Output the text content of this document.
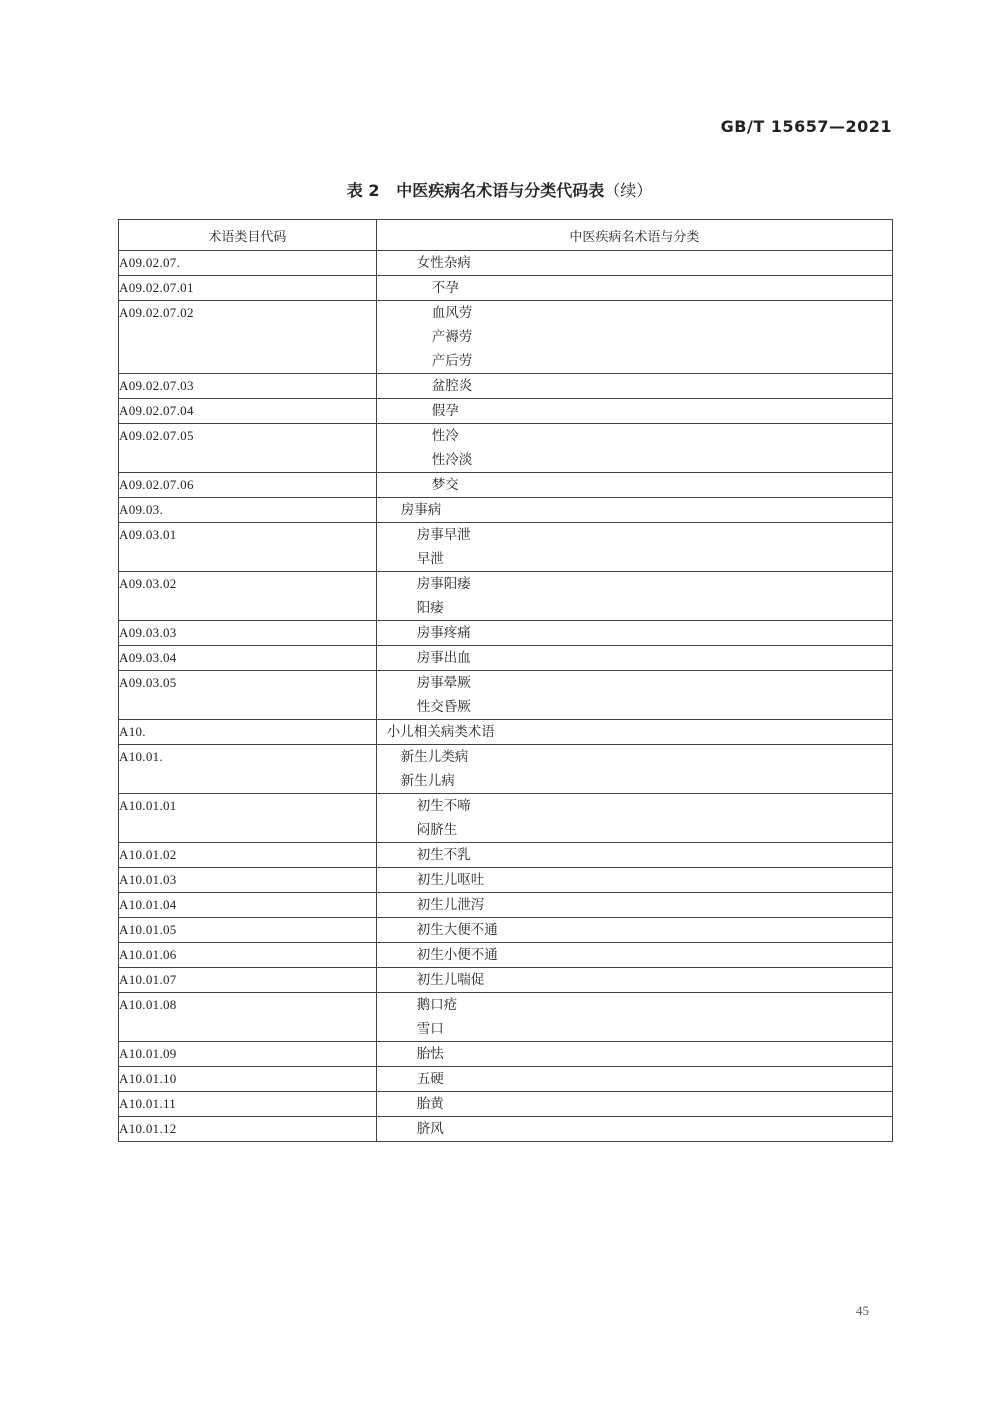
GB/T 15657—2021
表 2 中医疾病名术语与分类代码表（续）
术语类目代码	中医疾病名术语与分类
A09.02.07.	女性杂病

A09.02.07.01	不孕

A09.02.07.02	血风劳
产褥劳
产后劳

A09.02.07.03	盆腔炎

A09.02.07.04	假孕

A09.02.07.05	性冷
性冷淡

A09.02.07.06	梦交

A09.03.	房事病

A09.03.01	房事早泄
早泄

A09.03.02	房事阳痿
阳痿

A09.03.03	房事疼痛

A09.03.04	房事出血

A09.03.05	房事晕厥
性交昏厥

A10.	小儿相关病类术语

A10.01.	新生儿类病
新生儿病

A10.01.01	初生不啼
闷脐生

A10.01.02	初生不乳

A10.01.03	初生儿呕吐

A10.01.04	初生儿泄泻

A10.01.05	初生大便不通

A10.01.06	初生小便不通

A10.01.07	初生儿喘促

A10.01.08	鹅口疮
雪口

A10.01.09	胎怯

A10.01.10	五硬

A10.01.11	胎黄

A10.01.12	脐风
45
